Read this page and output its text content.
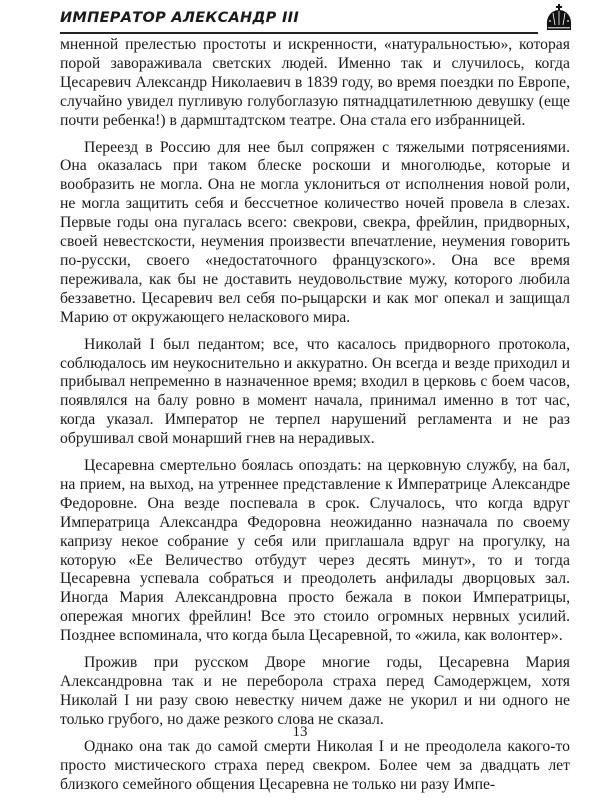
ИМПЕРАТОР АЛЕКСАНДР III

мненной прелестью простоты и искренности, «натуральностью», которая порой завораживала светских людей. Именно так и случилось, когда Цесаревич Александр Николаевич в 1839 году, во время поездки по Европе, случайно увидел пугливую голубоглазую пятнадцатилетнюю девушку (еще почти ребенка!) в дармштадтском театре. Она стала его избранницей.

Переезд в Россию для нее был сопряжен с тяжелыми потрясениями. Она оказалась при таком блеске роскоши и многолюдье, которые и вообразить не могла. Она не могла уклониться от исполнения новой роли, не могла защитить себя и бессчетное количество ночей провела в слезах. Первые годы она пугалась всего: свекрови, свекра, фрейлин, придворных, своей невестскости, неумения произвести впечатление, неумения говорить по-русски, своего «недостаточного французского». Она все время переживала, как бы не доставить неудовольствие мужу, которого любила беззаветно. Цесаревич вел себя по-рыцарски и как мог опекал и защищал Марию от окружающего неласкового мира.

Николай I был педантом; все, что касалось придворного протокола, соблюдалось им неукоснительно и аккуратно. Он всегда и везде приходил и прибывал непременно в назначенное время; входил в церковь с боем часов, появлялся на балу ровно в момент начала, принимал именно в тот час, когда указал. Император не терпел нарушений регламента и не раз обрушивал свой монарший гнев на нерадивых.

Цесаревна смертельно боялась опоздать: на церковную службу, на бал, на прием, на выход, на утреннее представление к Императрице Александре Федоровне. Она везде поспевала в срок. Случалось, что когда вдруг Императрица Александра Федоровна неожиданно назначала по своему капризу некое собрание у себя или приглашала вдруг на прогулку, на которую «Ее Величество отбудут через десять минут», то и тогда Цесаревна успевала собраться и преодолеть анфилады дворцовых зал. Иногда Мария Александровна просто бежала в покои Императрицы, опережая многих фрейлин! Все это стоило огромных нервных усилий. Позднее вспоминала, что когда была Цесаревной, то «жила, как волонтер».

Прожив при русском Дворе многие годы, Цесаревна Мария Александровна так и не переборола страха перед Самодержцем, хотя Николай I ни разу свою невестку ничем даже не укорил и ни одного не только грубого, но даже резкого слова не сказал.

Однако она так до самой смерти Николая I и не преодолела какого-то просто мистического страха перед свекром. Более чем за двадцать лет близкого семейного общения Цесаревна не только ни разу Импе-

13
